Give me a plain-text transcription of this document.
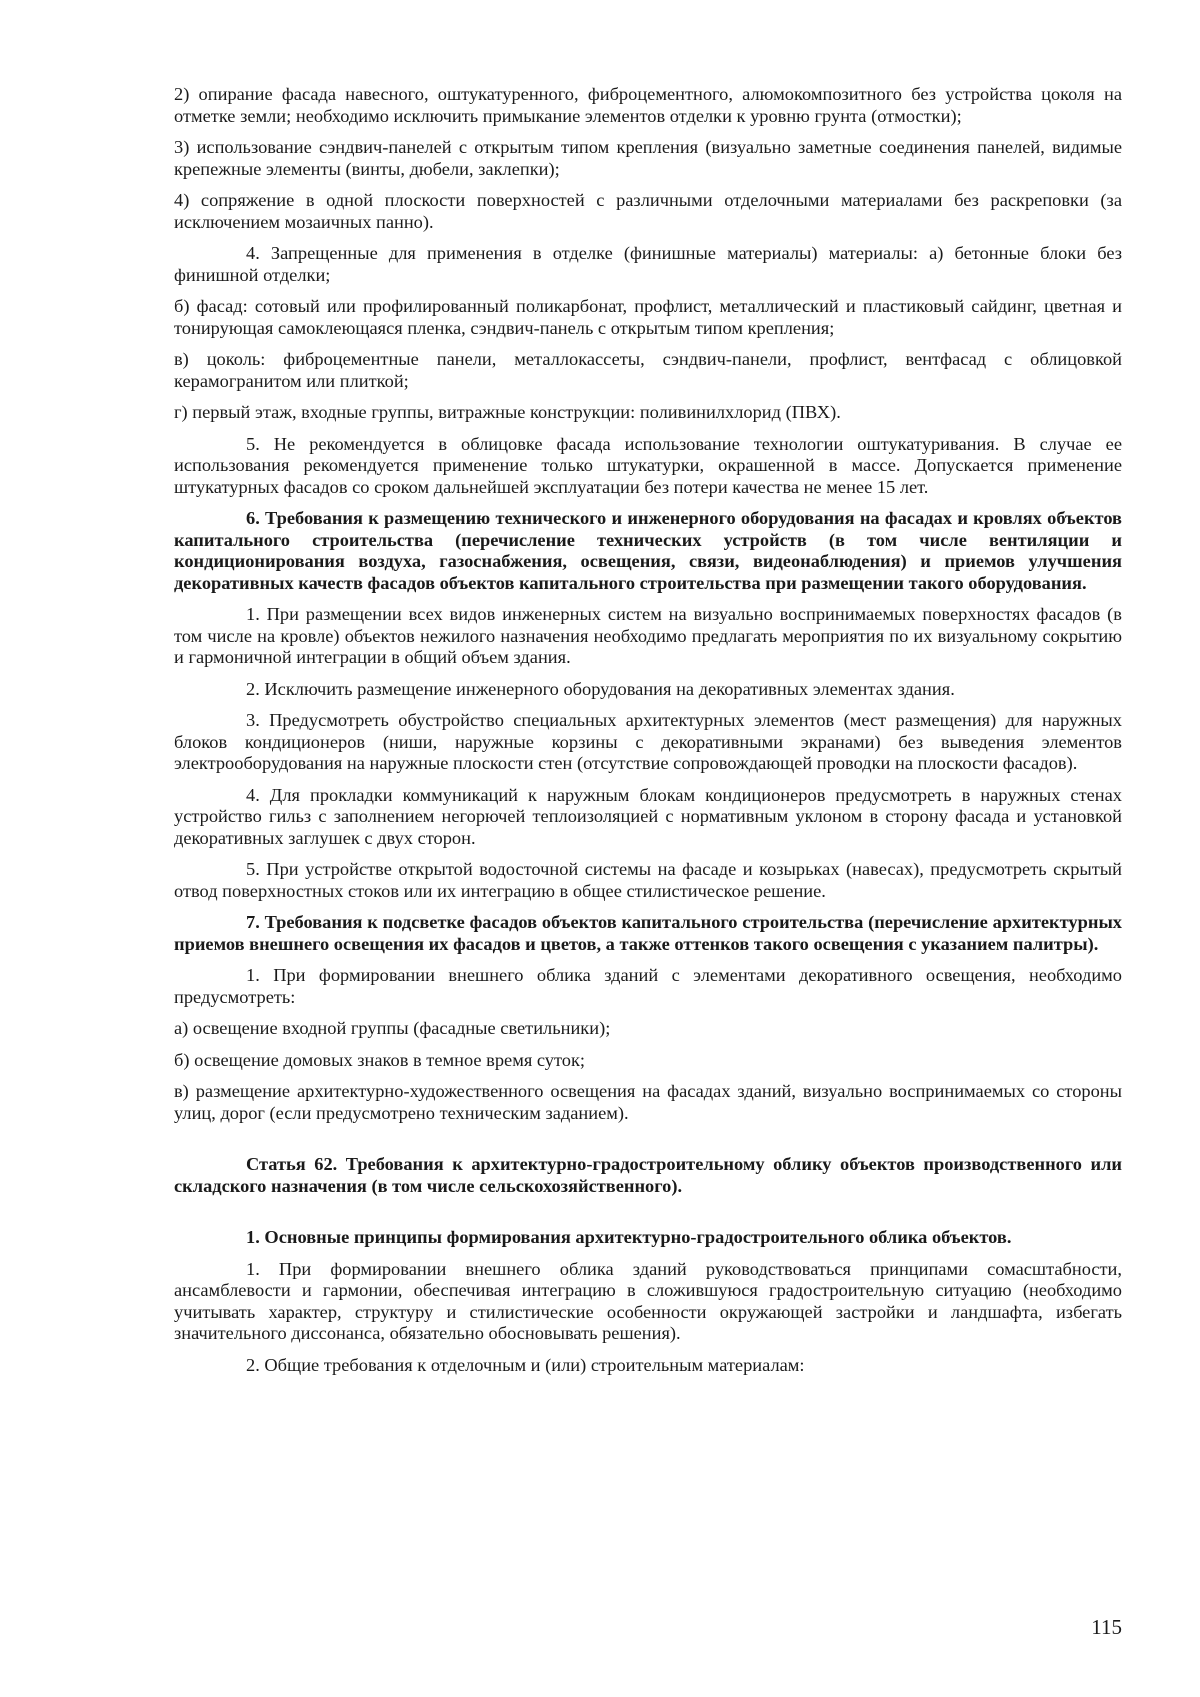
2) опирание фасада навесного, оштукатуренного, фиброцементного, алюмокомпозитного без устройства цоколя на отметке земли; необходимо исключить примыкание элементов отделки к уровню грунта (отмостки);

3) использование сэндвич-панелей с открытым типом крепления (визуально заметные соединения панелей, видимые крепежные элементы (винты, дюбели, заклепки);

4) сопряжение в одной плоскости поверхностей с различными отделочными материалами без раскреповки (за исключением мозаичных панно).

4. Запрещенные для применения в отделке (финишные материалы) материалы: а) бетонные блоки без финишной отделки;

б) фасад: сотовый или профилированный поликарбонат, профлист, металлический и пластиковый сайдинг, цветная и тонирующая самоклеющаяся пленка, сэндвич-панель с открытым типом крепления;

в) цоколь: фиброцементные панели, металлокассеты, сэндвич-панели, профлист, вентфасад с облицовкой керамогранитом или плиткой;

г) первый этаж, входные группы, витражные конструкции: поливинилхлорид (ПВХ).

5. Не рекомендуется в облицовке фасада использование технологии оштукатуривания. В случае ее использования рекомендуется применение только штукатурки, окрашенной в массе. Допускается применение штукатурных фасадов со сроком дальнейшей эксплуатации без потери качества не менее 15 лет.

6. Требования к размещению технического и инженерного оборудования на фасадах и кровлях объектов капитального строительства (перечисление технических устройств (в том числе вентиляции и кондиционирования воздуха, газоснабжения, освещения, связи, видеонаблюдения) и приемов улучшения декоративных качеств фасадов объектов капитального строительства при размещении такого оборудования.

1. При размещении всех видов инженерных систем на визуально воспринимаемых поверхностях фасадов (в том числе на кровле) объектов нежилого назначения необходимо предлагать мероприятия по их визуальному сокрытию и гармоничной интеграции в общий объем здания.

2. Исключить размещение инженерного оборудования на декоративных элементах здания.

3. Предусмотреть обустройство специальных архитектурных элементов (мест размещения) для наружных блоков кондиционеров (ниши, наружные корзины с декоративными экранами) без выведения элементов электрооборудования на наружные плоскости стен (отсутствие сопровождающей проводки на плоскости фасадов).

4. Для прокладки коммуникаций к наружным блокам кондиционеров предусмотреть в наружных стенах устройство гильз с заполнением негорючей теплоизоляцией с нормативным уклоном в сторону фасада и установкой декоративных заглушек с двух сторон.

5. При устройстве открытой водосточной системы на фасаде и козырьках (навесах), предусмотреть скрытый отвод поверхностных стоков или их интеграцию в общее стилистическое решение.

7. Требования к подсветке фасадов объектов капитального строительства (перечисление архитектурных приемов внешнего освещения их фасадов и цветов, а также оттенков такого освещения с указанием палитры).

1. При формировании внешнего облика зданий с элементами декоративного освещения, необходимо предусмотреть:

а) освещение входной группы (фасадные светильники);

б) освещение домовых знаков в темное время суток;

в) размещение архитектурно-художественного освещения на фасадах зданий, визуально воспринимаемых со стороны улиц, дорог (если предусмотрено техническим заданием).

Статья 62. Требования к архитектурно-градостроительному облику объектов производственного или складского назначения (в том числе сельскохозяйственного).

1. Основные принципы формирования архитектурно-градостроительного облика объектов.

1. При формировании внешнего облика зданий руководствоваться принципами сомасштабности, ансамблевости и гармонии, обеспечивая интеграцию в сложившуюся градостроительную ситуацию (необходимо учитывать характер, структуру и стилистические особенности окружающей застройки и ландшафта, избегать значительного диссонанса, обязательно обосновывать решения).

2. Общие требования к отделочным и (или) строительным материалам:

115
